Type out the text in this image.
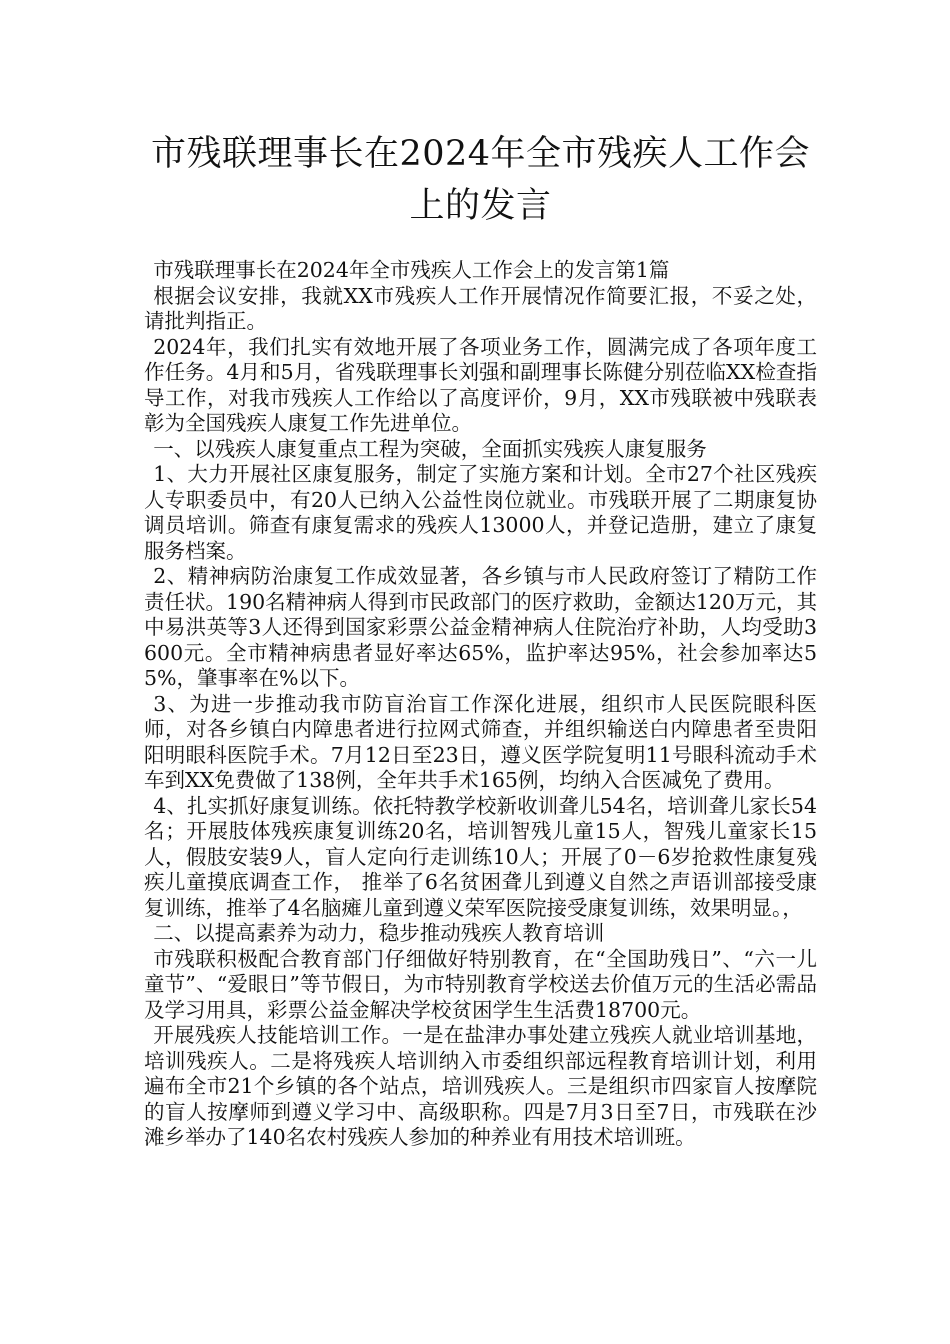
市残联理事长在2024年全市残疾人工作会上的发言

市残联理事长在2024年全市残疾人工作会上的发言第1篇

根据会议安排，我就XX市残疾人工作开展情况作简要汇报，不妥之处，请批判指正。

2024年，我们扎实有效地开展了各项业务工作，圆满完成了各项年度工作任务。4月和5月，省残联理事长刘强和副理事长陈健分别莅临XX检查指导工作，对我市残疾人工作给以了高度评价，9月，XX市残联被中残联表彰为全国残疾人康复工作先进单位。

一、以残疾人康复重点工程为突破，全面抓实残疾人康复服务

1、大力开展社区康复服务，制定了实施方案和计划。全市27个社区残疾人专职委员中，有20人已纳入公益性岗位就业。市残联开展了二期康复协调员培训。筛查有康复需求的残疾人13000人，并登记造册，建立了康复服务档案。

2、精神病防治康复工作成效显著，各乡镇与市人民政府签订了精防工作责任状。190名精神病人得到市民政部门的医疗救助，金额达120万元，其中易洪英等3人还得到国家彩票公益金精神病人住院治疗补助，人均受助3600元。全市精神病患者显好率达65%，监护率达95%，社会参加率达55%，肇事率在%以下。

3、为进一步推动我市防盲治盲工作深化进展，组织市人民医院眼科医师，对各乡镇白内障患者进行拉网式筛查，并组织输送白内障患者至贵阳阳明眼科医院手术。7月12日至23日，遵义医学院复明11号眼科流动手术车到XX免费做了138例，全年共手术165例，均纳入合医减免了费用。

4、扎实抓好康复训练。依托特教学校新收训聋儿54名，培训聋儿家长54名；开展肢体残疾康复训练20名，培训智残儿童15人，智残儿童家长15人，假肢安装9人，盲人定向行走训练10人；开展了0－6岁抢救性康复残疾儿童摸底调查工作， 推举了6名贫困聋儿到遵义自然之声语训部接受康复训练，推举了4名脑瘫儿童到遵义荣军医院接受康复训练，效果明显。，

二、以提高素养为动力，稳步推动残疾人教育培训

市残联积极配合教育部门仔细做好特别教育，在“全国助残日”、“六一儿童节”、“爱眼日”等节假日，为市特别教育学校送去价值万元的生活必需品及学习用具，彩票公益金解决学校贫困学生生活费18700元。

开展残疾人技能培训工作。一是在盐津办事处建立残疾人就业培训基地，培训残疾人。二是将残疾人培训纳入市委组织部远程教育培训计划，利用遍布全市21个乡镇的各个站点，培训残疾人。三是组织市四家盲人按摩院的盲人按摩师到遵义学习中、高级职称。四是7月3日至7日，市残联在沙滩乡举办了140名农村残疾人参加的种养业有用技术培训班。
